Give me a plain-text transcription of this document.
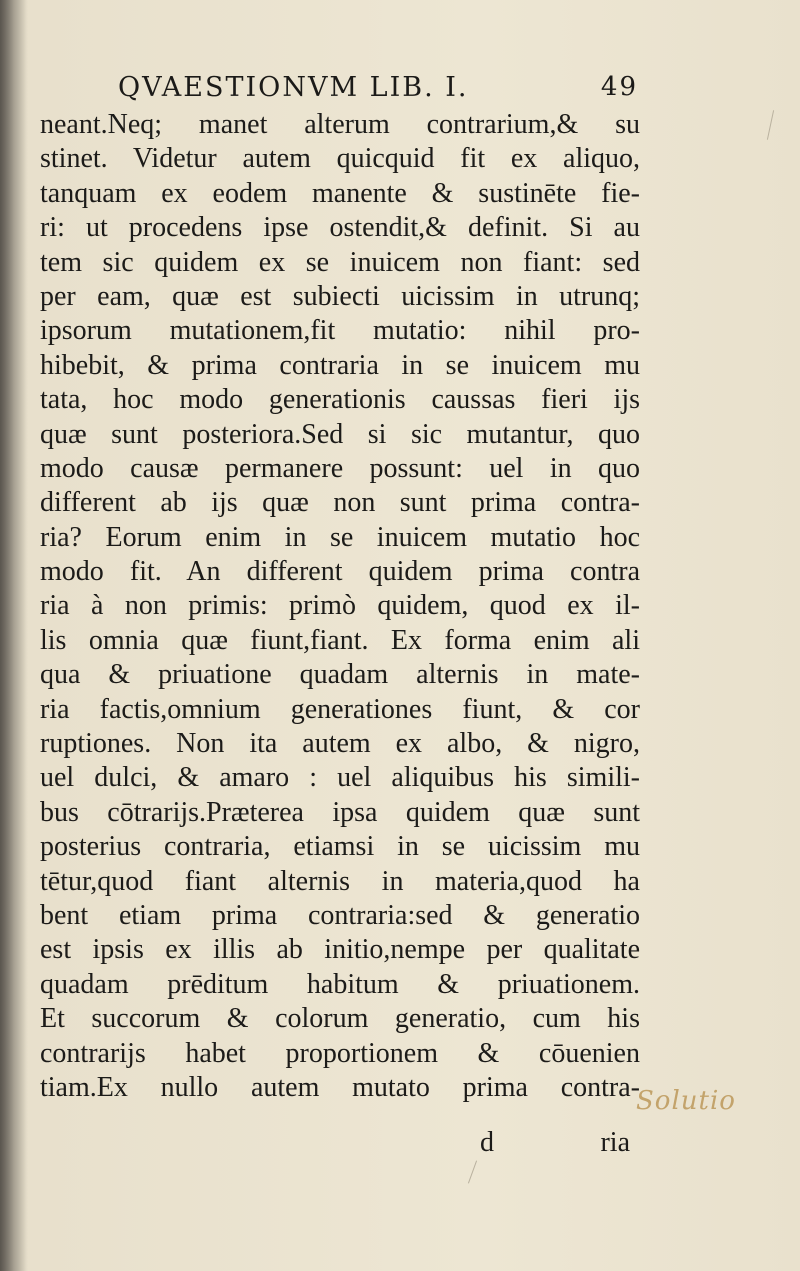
QVAESTIONVM LIB. I.	49
neant.Neq; manet alterum contrarium,& su
stinet. Videtur autem quicquid fit ex aliquo,
tanquam ex eodem manente & sustinēte fie-
ri: ut procedens ipse ostendit,& definit. Si au
tem sic quidem ex se inuicem non fiant: sed
per eam, quæ est subiecti uicissim in utrunq;
ipsorum mutationem,fit mutatio: nihil pro-
hibebit, & prima contraria in se inuicem mu
tata, hoc modo generationis caussas fieri ijs
quæ sunt posteriora.Sed si sic mutantur, quo
modo causæ permanere possunt: uel in quo
different ab ijs quæ non sunt prima contra-
ria? Eorum enim in se inuicem mutatio hoc
modo fit. An different quidem prima contra
ria à non primis: primò quidem, quod ex il-
lis omnia quæ fiunt,fiant. Ex forma enim ali
qua & priuatione quadam alternis in mate-
ria factis,omnium generationes fiunt, & cor
ruptiones. Non ita autem ex albo, & nigro,
uel dulci, & amaro : uel aliquibus his simili-
bus cōtrarijs.Præterea ipsa quidem quæ sunt
posterius contraria, etiamsi in se uicissim mu
tētur,quod fiant alternis in materia,quod ha
bent etiam prima contraria:sed & generatio
est ipsis ex illis ab initio,nempe per qualitate
quadam prēditum habitum & priuationem.
Et succorum & colorum generatio, cum his
contrarijs habet proportionem & cōuenien
tiam.Ex nullo autem mutato prima contra-
d	ria
Solutio
